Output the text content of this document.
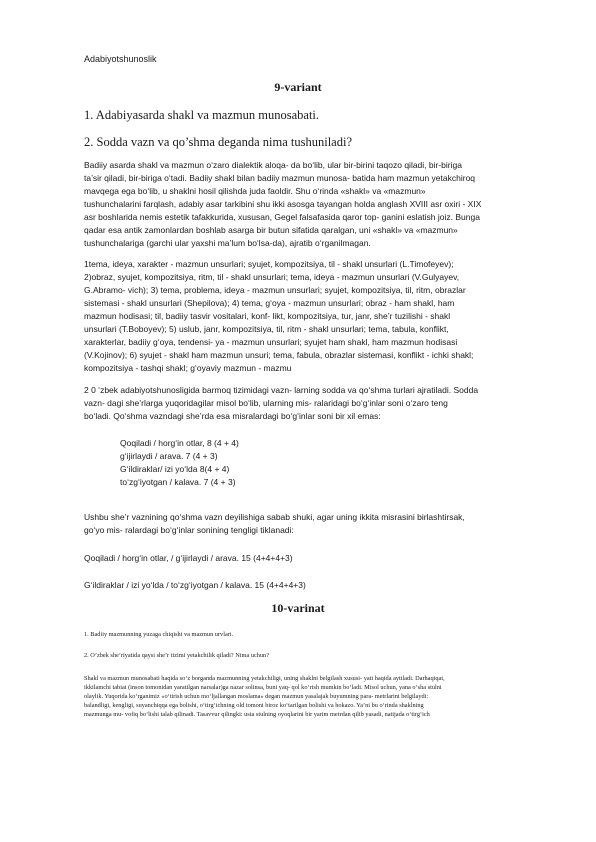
Adabiyotshunoslik
9-variant
1. Adabiyasarda shakl va mazmun munosabati.
2. Sodda vazn va qo’shma deganda nima tushuniladi?
Badiiy asarda shakl va mazmun o‘zaro dialektik aloqa- da bo‘lib, ular bir-birini taqozo qiladi, bir-biriga
ta’sir qiladi, bir-biriga o‘tadi. Badiiy shakl bilan badiiy mazmun munosa- batida ham mazmun yetakchiroq
mavqega ega bo‘lib, u shaklni hosil qilishda juda faoldir. Shu o‘rinda «shakl» va «mazmun»
tushunchalarini farqlash, adabiy asar tarkibini shu ikki asosga tayangan holda anglash XVIII asr oxiri - XIX
asr boshlarida nemis estetik tafakkurida, xususan, Gegel falsafasida qaror top- ganini eslatish joiz. Bunga
qadar esa antik zamonlardan boshlab asarga bir butun sifatida qaralgan, uni «shakl» va «mazmun»
tushunchalariga (garchi ular yaxshi ma’lum bo‘lsa-da), ajratib o‘rganilmagan.
1tema, ideya, xarakter - mazmun unsurlari; syujet, kompozitsiya, til - shakl unsurlari (L.Timofeyev);
2)obraz, syujet, kompozitsiya, ritm, til - shakl unsurlari; tema, ideya - mazmun unsurlari (V.Gulyayev,
G.Abramo- vich); 3) tema, problema, ideya - mazmun unsurlari; syujet, kompozitsiya, til, ritm, obrazlar
sistemasi - shakl unsurlari (Shepilova); 4) tema, g‘oya - mazmun unsurlari; obraz - ham shakl, ham
mazmun hodisasi; til, badiiy tasvir vositalari, konf- likt, kompozitsiya, tur, janr, she’r tuzilishi - shakl
unsurlari (T.Boboyev); 5) uslub, janr, kompozitsiya, til, ritm - shakl unsurlari; tema, tabula, konflikt,
xarakterlar, badiiy g‘oya, tendensi- ya - mazmun unsurlari; syujet ham shakl, ham mazmun hodisasi
(V.Kojinov); 6) syujet - shakl ham mazmun unsuri; tema, fabula, obrazlar sistemasi, konflikt - ichki shakl;
kompozitsiya - tashqi shakl; g‘oyaviy mazmun - mazmu
2 0 ‘zbek adabiyotshunosligida barmoq tizimidagi vazn- larning sodda va qo‘shma turlari ajratiladi. Sodda
vazn- dagi she’rlarga yuqoridagilar misol bo‘lib, ularning mis- ralaridagi bo‘g‘inlar soni o‘zaro teng
bo‘ladi. Qo‘shma vazndagi she’rda esa misralardagi bo‘g‘inlar soni bir xil emas:
Qoqiladi / horg‘in otlar, 8 (4 + 4)
g‘ijirlaydi / arava. 7 (4 + 3)
G‘ildiraklar/ izi yo‘lda 8(4 + 4)
to‘zg‘iyotgan / kalava. 7 (4 + 3)
Ushbu she’r vaznining qo‘shma vazn deyilishiga sabab shuki, agar uning ikkita misrasini birlashtirsak,
go‘yo mis- ralardagi bo‘g‘inlar sonining tengligi tiklanadi:
Qoqiladi / horg‘in otlar, / g‘ijirlaydi / arava. 15 (4+4+4+3)
G‘ildiraklar / izi yo‘lda / to‘zg‘iyotgan / kalava. 15 (4+4+4+3)
10-varinat
1. Badiiy mazmunning yuzaga chiqishi va mazmun urvlari.
2. O’zbek she’riyatida qaysi she’r tizimi yetakchilik qiladi? Nima uchun?
Shakl va mazmun munosabati haqida so‘z borganda mazmunning yetakchiligi, uning shaklni belgilash xususi- yati haqida aytiladi. Darhaqiqat,
ikkilamchi tabiat (inson tomonidan yaratilgan narsalar)ga nazar solinsa, buni yaq- qol ko‘rish mumkin bo‘ladi. Misol uchun, yana o‘sha stulni
olaylik. Yuqorida ko‘rganimiz «o‘tirish uchun mo‘ljallangan moslama» degan mazmun yasalajak buyumning para- metrlarini belgilaydi:
balandligi, kengligi, suyanchiqqa ega bolishi, o‘tirg‘ichning old tomoni biroz ko‘tarilgan bolishi va hokazo. Ya’ni bu o‘rinda shaklning
mazmunga mu- vofiq bo‘lishi talab qilinadi. Tasavvur qilingki: usta stulning oyoqlarini bir yarim metrdan qilib yasadi, natijada o‘tirg‘ich
